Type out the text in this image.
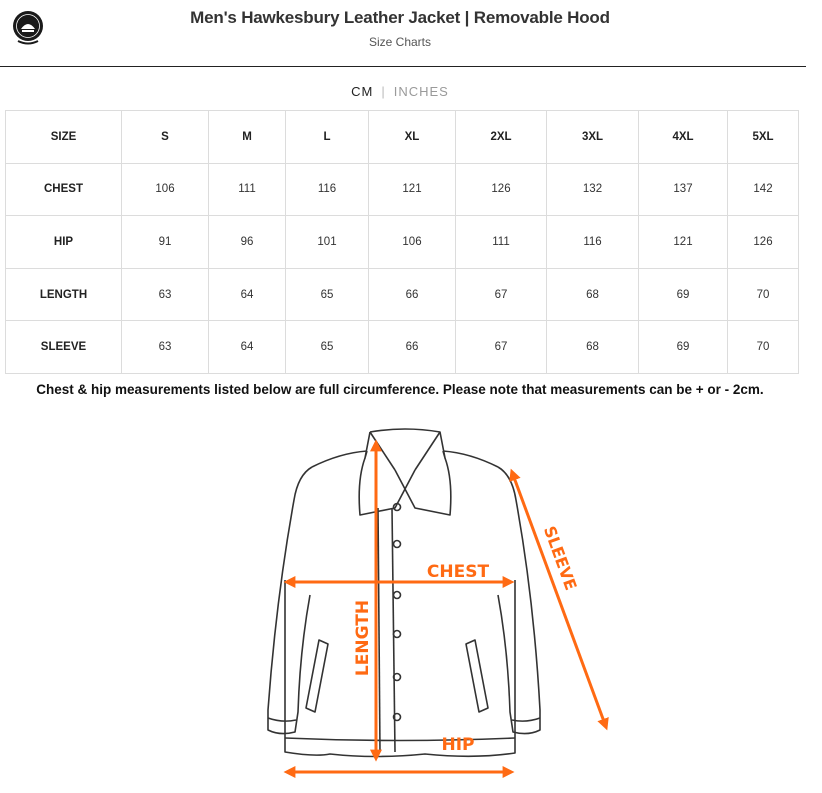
Men's Hawkesbury Leather Jacket | Removable Hood
Size Charts
CM | INCHES
SIZE	S	M	L	XL	2XL	3XL	4XL	5XL
CHEST	106	111	116	121	126	132	137	142
HIP	91	96	101	106	111	116	121	126
LENGTH	63	64	65	66	67	68	69	70
SLEEVE	63	64	65	66	67	68	69	70
Chest & hip measurements listed below are full circumference. Please note that measurements can be + or - 2cm.
CHEST
LENGTH
SLEEVE
HIP
